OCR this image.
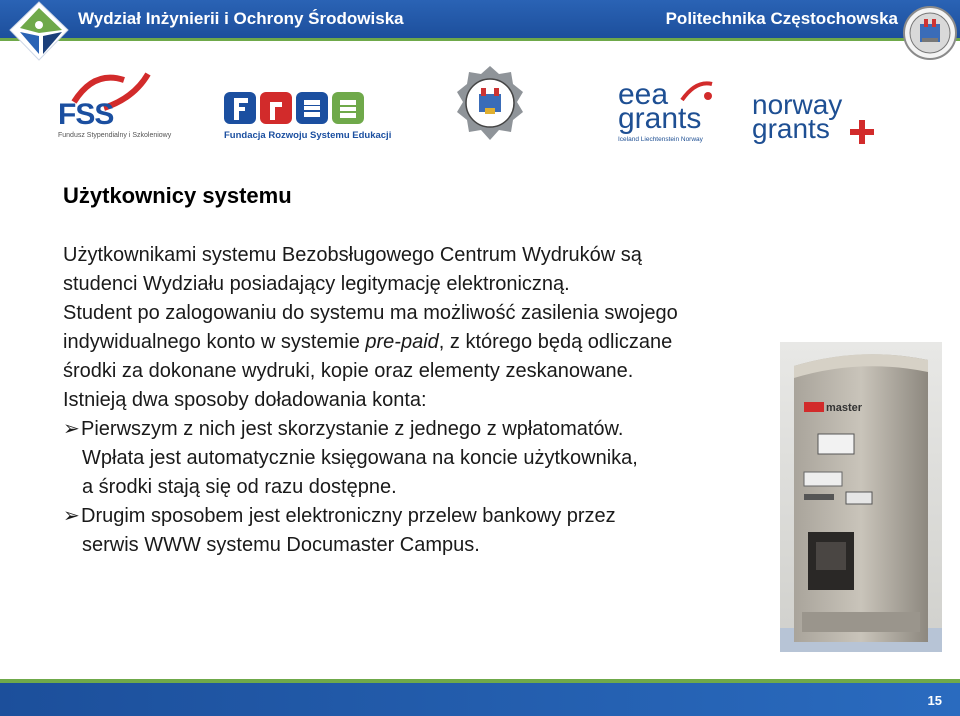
Wydział Inżynierii i Ochrony Środowiska	Politechnika Częstochowska
FSS
Fundusz Stypendialny i Szkoleniowy	Fundacja Rozwoju Systemu Edukacji
eea
grants
Iceland Liechtenstein Norway
norway
grants
Użytkownicy systemu
Użytkownikami systemu Bezobsługowego Centrum Wydruków są
studenci Wydziału posiadający legitymację elektroniczną.
Student po zalogowaniu do systemu ma możliwość zasilenia swojego
indywidualnego konto w systemie pre-paid, z którego będą odliczane
środki za dokonane wydruki, kopie oraz elementy zeskanowane.
Istnieją dwa sposoby doładowania konta:
➢Pierwszym z nich jest skorzystanie z jednego z wpłatomatów.
Wpłata jest automatycznie księgowana na koncie użytkownika,
a środki stają się od razu dostępne.
➢Drugim sposobem jest elektroniczny przelew bankowy przez
serwis WWW systemu Documaster Campus.
master
15
